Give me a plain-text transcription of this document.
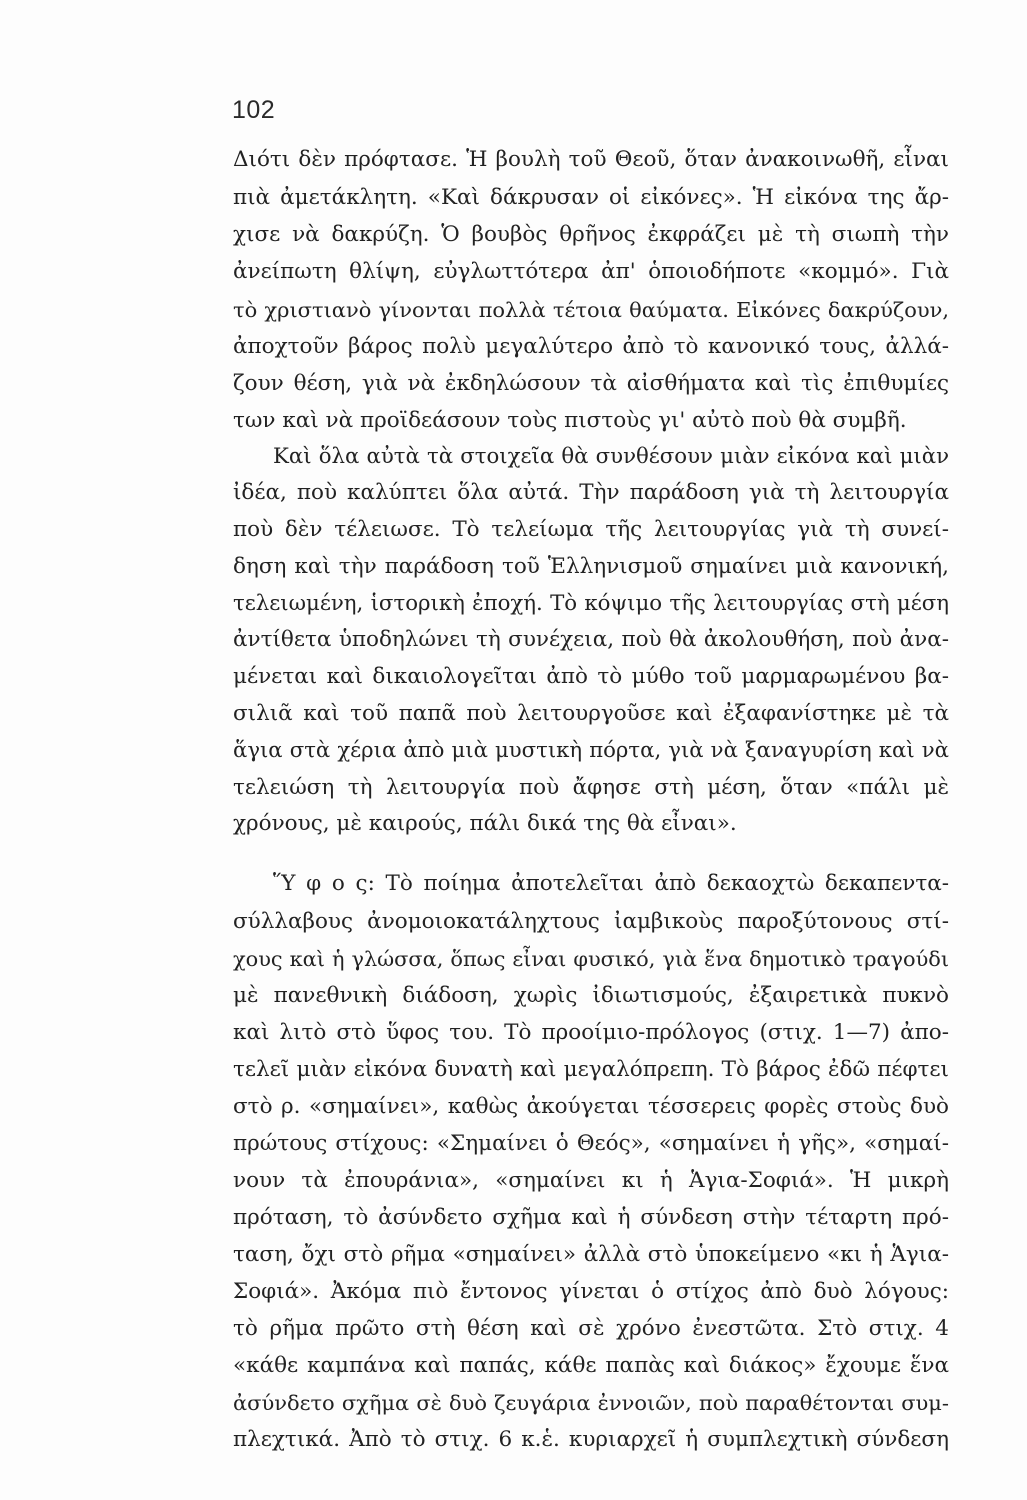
102
Διότι δὲν πρόφτασε. Ἡ βουλὴ τοῦ Θεοῦ, ὅταν ἀνακοινωθῆ, εἶναι
πιὰ ἀμετάκλητη. «Καὶ δάκρυσαν οἱ εἰκόνες». Ἡ εἰκόνα της ἄρ-
χισε νὰ δακρύζη. Ὁ βουβὸς θρῆνος ἐκφράζει μὲ τὴ σιωπὴ τὴν
ἀνείπωτη θλίψη, εὐγλωττότερα ἀπ' ὁποιοδήποτε «κομμό». Γιὰ
τὸ χριστιανὸ γίνονται πολλὰ τέτοια θαύματα. Εἰκόνες δακρύζουν,
ἀποχτοῦν βάρος πολὺ μεγαλύτερο ἀπὸ τὸ κανονικό τους, ἀλλά-
ζουν θέση, γιὰ νὰ ἐκδηλώσουν τὰ αἰσθήματα καὶ τὶς ἐπιθυμίες
των καὶ νὰ προϊδεάσουν τοὺς πιστοὺς γι' αὐτὸ ποὺ θὰ συμβῆ.
Καὶ ὅλα αὐτὰ τὰ στοιχεῖα θὰ συνθέσουν μιὰν εἰκόνα καὶ μιὰν
ἰδέα, ποὺ καλύπτει ὅλα αὐτά. Τὴν παράδοση γιὰ τὴ λειτουργία
ποὺ δὲν τέλειωσε. Τὸ τελείωμα τῆς λειτουργίας γιὰ τὴ συνεί-
δηση καὶ τὴν παράδοση τοῦ Ἑλληνισμοῦ σημαίνει μιὰ κανονική,
τελειωμένη, ἱστορικὴ ἐποχή. Τὸ κόψιμο τῆς λειτουργίας στὴ μέση
ἀντίθετα ὑποδηλώνει τὴ συνέχεια, ποὺ θὰ ἀκολουθήση, ποὺ ἀνα-
μένεται καὶ δικαιολογεῖται ἀπὸ τὸ μύθο τοῦ μαρμαρωμένου βα-
σιλιᾶ καὶ τοῦ παπᾶ ποὺ λειτουργοῦσε καὶ ἐξαφανίστηκε μὲ τὰ
ἅγια στὰ χέρια ἀπὸ μιὰ μυστικὴ πόρτα, γιὰ νὰ ξαναγυρίση καὶ νὰ
τελειώση τὴ λειτουργία ποὺ ἄφησε στὴ μέση, ὅταν «πάλι μὲ
χρόνους, μὲ καιρούς, πάλι δικά της θὰ εἶναι».
Ὕ φ ο ς: Τὸ ποίημα ἀποτελεῖται ἀπὸ δεκαοχτὼ δεκαπεντα-
σύλλαβους ἀνομοιοκατάληχτους ἰαμβικοὺς παροξύτονους στί-
χους καὶ ἡ γλώσσα, ὅπως εἶναι φυσικό, γιὰ ἕνα δημοτικὸ τραγούδι
μὲ πανεθνικὴ διάδοση, χωρὶς ἰδιωτισμούς, ἐξαιρετικὰ πυκνὸ
καὶ λιτὸ στὸ ὕφος του. Τὸ προοίμιο-πρόλογος (στιχ. 1—7) ἀπο-
τελεῖ μιὰν εἰκόνα δυνατὴ καὶ μεγαλόπρεπη. Τὸ βάρος ἐδῶ πέφτει
στὸ ρ. «σημαίνει», καθὼς ἀκούγεται τέσσερεις φορὲς στοὺς δυὸ
πρώτους στίχους: «Σημαίνει ὁ Θεός», «σημαίνει ἡ γῆς», «σημαί-
νουν τὰ ἐπουράνια», «σημαίνει κι ἡ Ἁγια-Σοφιά». Ἡ μικρὴ
πρόταση, τὸ ἀσύνδετο σχῆμα καὶ ἡ σύνδεση στὴν τέταρτη πρό-
ταση, ὄχι στὸ ρῆμα «σημαίνει» ἀλλὰ στὸ ὑποκείμενο «κι ἡ Ἁγια-
Σοφιά». Ἀκόμα πιὸ ἔντονος γίνεται ὁ στίχος ἀπὸ δυὸ λόγους:
τὸ ρῆμα πρῶτο στὴ θέση καὶ σὲ χρόνο ἐνεστῶτα. Στὸ στιχ. 4
«κάθε καμπάνα καὶ παπάς, κάθε παπὰς καὶ διάκος» ἔχουμε ἕνα
ἀσύνδετο σχῆμα σὲ δυὸ ζευγάρια ἐννοιῶν, ποὺ παραθέτονται συμ-
πλεχτικά. Ἀπὸ τὸ στιχ. 6 κ.ἑ. κυριαρχεῖ ἡ συμπλεχτικὴ σύνδεση
